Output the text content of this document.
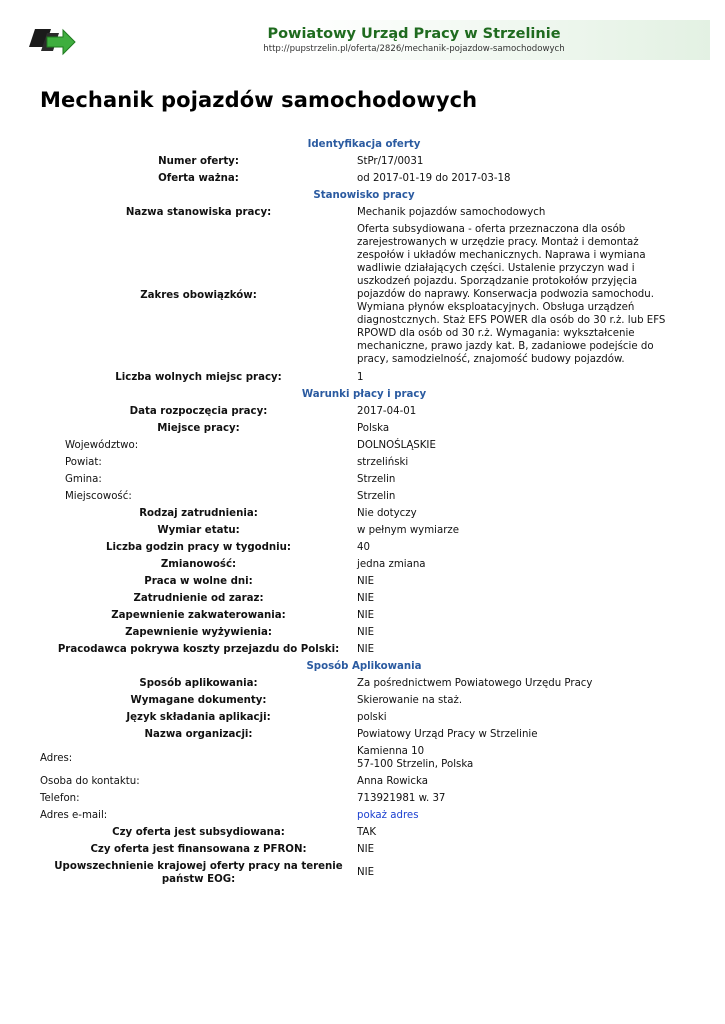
Powiatowy Urząd Pracy w Strzelinie
http://pupstrzelin.pl/oferta/2826/mechanik-pojazdow-samochodowych
Mechanik pojazdów samochodowych
Identyfikacja oferty	
Numer oferty:	StPr/17/0031
Oferta ważna:	od 2017-01-19 do 2017-03-18
Stanowisko pracy	
Nazwa stanowiska pracy:	Mechanik pojazdów samochodowych
Zakres obowiązków:	Oferta subsydiowana - oferta przeznaczona dla osób zarejestrowanych w urzędzie pracy. Montaż i demontaż zespołów i układów mechanicznych. Naprawa i wymiana wadliwie działających części. Ustalenie przyczyn wad i uszkodzeń pojazdu. Sporządzanie protokołów przyjęcia pojazdów do naprawy. Konserwacja podwozia samochodu. Wymiana płynów eksploatacyjnych. Obsługa urządzeń diagnostcznych. Staż EFS POWER dla osób do 30 r.ż. lub EFS RPOWD dla osób od 30 r.ż. Wymagania: wykształcenie mechaniczne, prawo jazdy kat. B, zadaniowe podejście do pracy, samodzielność, znajomość budowy pojazdów.
Liczba wolnych miejsc pracy:	1
Warunki płacy i pracy	
Data rozpoczęcia pracy:	2017-04-01
Miejsce pracy:	Polska
Województwo:	DOLNOŚLĄSKIE
Powiat:	strzeliński
Gmina:	Strzelin
Miejscowość:	Strzelin
Rodzaj zatrudnienia:	Nie dotyczy
Wymiar etatu:	w pełnym wymiarze
Liczba godzin pracy w tygodniu:	40
Zmianowość:	jedna zmiana
Praca w wolne dni:	NIE
Zatrudnienie od zaraz:	NIE
Zapewnienie zakwaterowania:	NIE
Zapewnienie wyżywienia:	NIE
Pracodawca pokrywa koszty przejazdu do Polski:	NIE
Sposób Aplikowania	
Sposób aplikowania:	Za pośrednictwem Powiatowego Urzędu Pracy
Wymagane dokumenty:	Skierowanie na staż.
Język składania aplikacji:	polski
Nazwa organizacji:	Powiatowy Urząd Pracy w Strzelinie
Adres:	Kamienna 10
57-100 Strzelin, Polska

Osoba do kontaktu:	Anna Rowicka
Telefon:	713921981 w. 37
Adres e-mail:	pokaż adres
Czy oferta jest subsydiowana:	TAK
Czy oferta jest finansowana z PFRON:	NIE
Upowszechnienie krajowej oferty pracy na terenie państw EOG:	NIE
